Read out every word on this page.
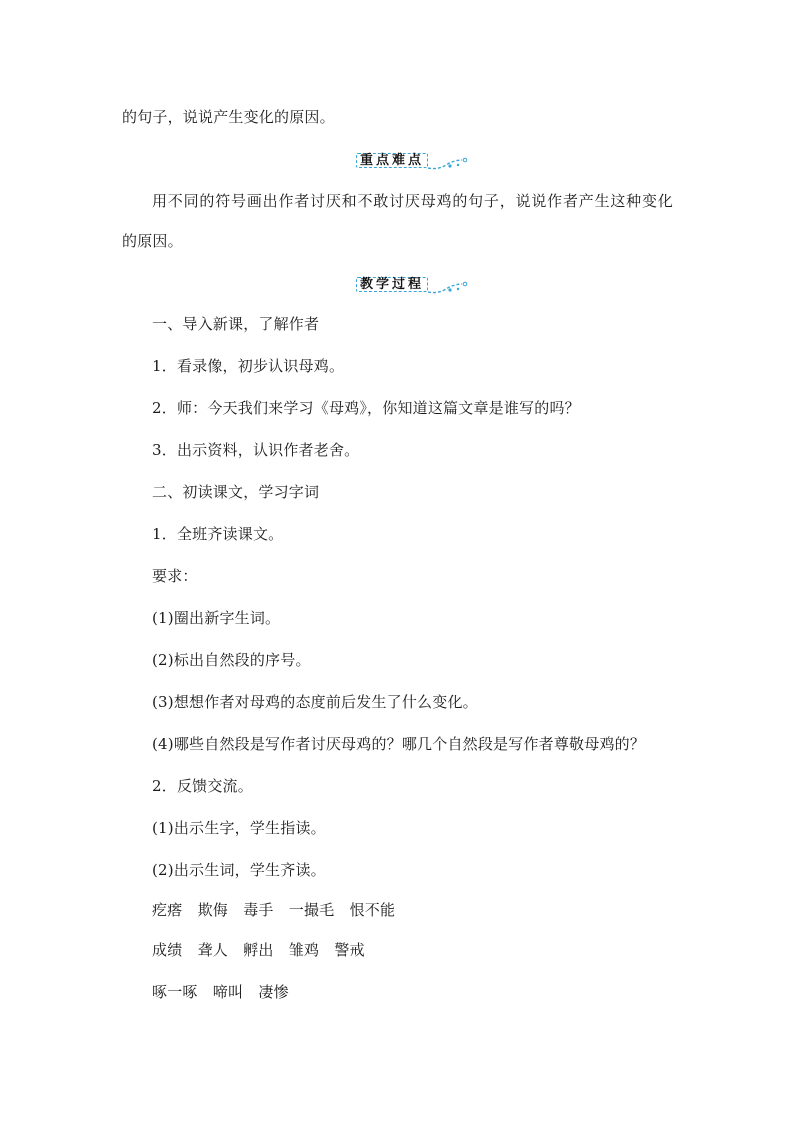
的句子，说说产生变化的原因。
重点难点
用不同的符号画出作者讨厌和不敢讨厌母鸡的句子，说说作者产生这种变化
的原因。
教学过程
一、导入新课，了解作者
1．看录像，初步认识母鸡。
2．师：今天我们来学习《母鸡》，你知道这篇文章是谁写的吗？
3．出示资料，认识作者老舍。
二、初读课文，学习字词
1．全班齐读课文。
要求：
(1)圈出新字生词。
(2)标出自然段的序号。
(3)想想作者对母鸡的态度前后发生了什么变化。
(4)哪些自然段是写作者讨厌母鸡的？哪几个自然段是写作者尊敬母鸡的？
2．反馈交流。
(1)出示生字，学生指读。
(2)出示生词，学生齐读。
疙瘩　欺侮　毒手　一撮毛　恨不能
成绩　聋人　孵出　雏鸡　警戒
啄一啄　啼叫　凄惨
